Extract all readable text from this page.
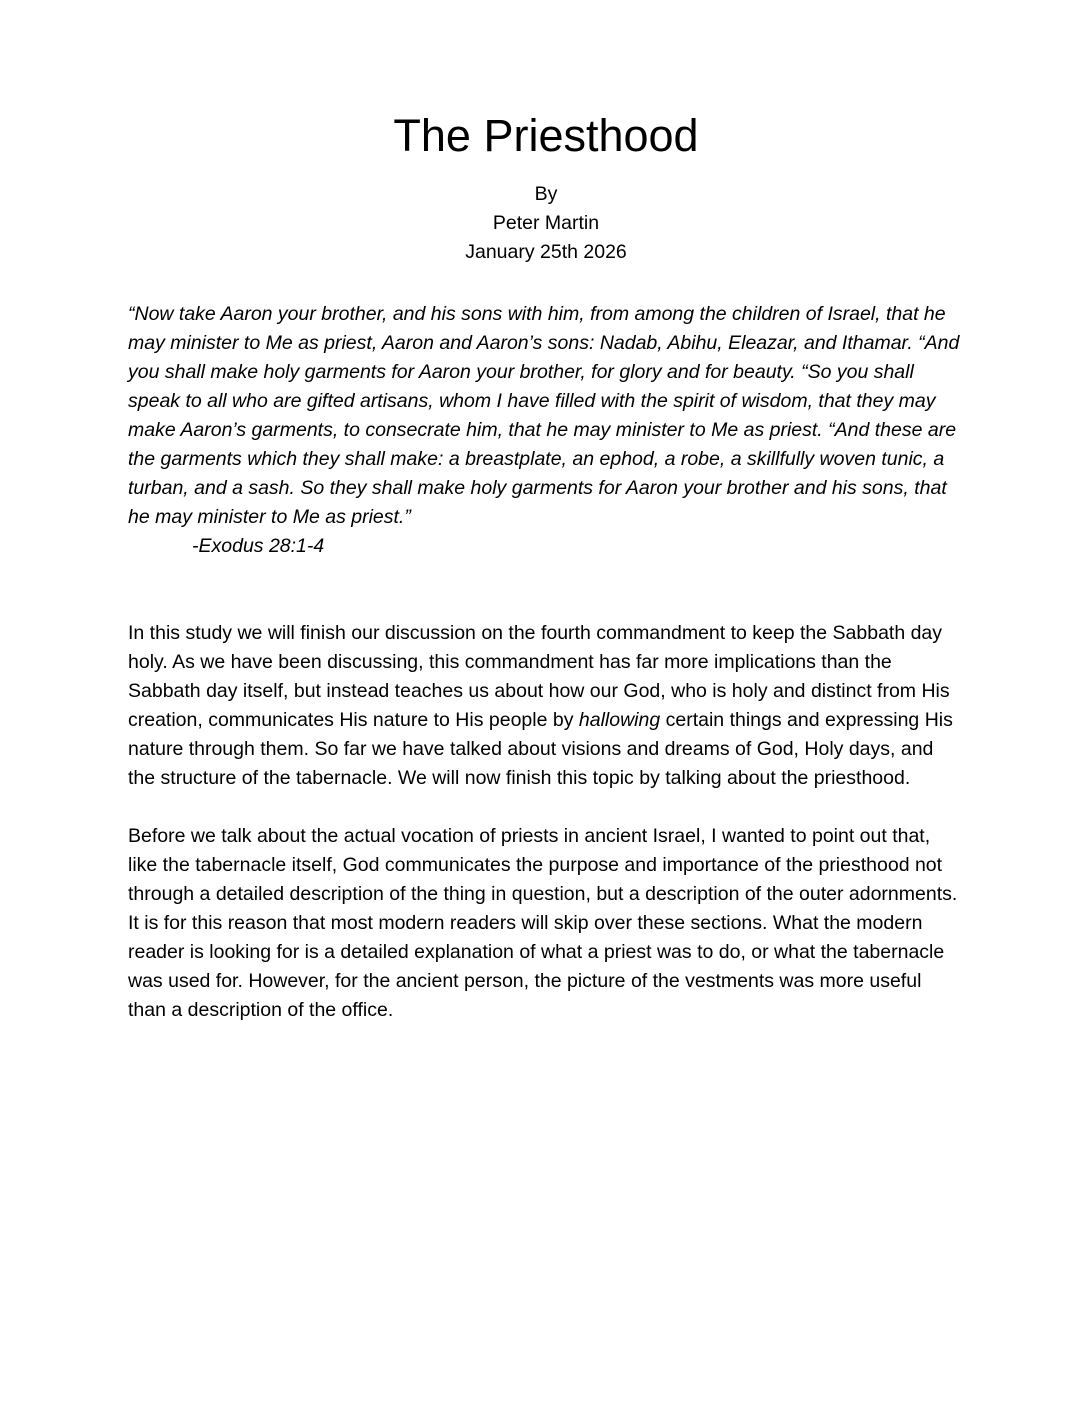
The Priesthood
By
Peter Martin
January 25th 2026

“Now take Aaron your brother, and his sons with him, from among the children of Israel, that he may minister to Me as priest, Aaron and Aaron’s sons: Nadab, Abihu, Eleazar, and Ithamar. “And you shall make holy garments for Aaron your brother, for glory and for beauty. “So you shall speak to all who are gifted artisans, whom I have filled with the spirit of wisdom, that they may make Aaron’s garments, to consecrate him, that he may minister to Me as priest. “And these are the garments which they shall make: a breastplate, an ephod, a robe, a skillfully woven tunic, a turban, and a sash. So they shall make holy garments for Aaron your brother and his sons, that he may minister to Me as priest.”

-Exodus 28:1-4

In this study we will finish our discussion on the fourth commandment to keep the Sabbath day holy. As we have been discussing, this commandment has far more implications than the Sabbath day itself, but instead teaches us about how our God, who is holy and distinct from His creation, communicates His nature to His people by hallowing certain things and expressing His nature through them. So far we have talked about visions and dreams of God, Holy days, and the structure of the tabernacle. We will now finish this topic by talking about the priesthood.

Before we talk about the actual vocation of priests in ancient Israel, I wanted to point out that, like the tabernacle itself, God communicates the purpose and importance of the priesthood not through a detailed description of the thing in question, but a description of the outer adornments. It is for this reason that most modern readers will skip over these sections. What the modern reader is looking for is a detailed explanation of what a priest was to do, or what the tabernacle was used for. However, for the ancient person, the picture of the vestments was more useful than a description of the office.
